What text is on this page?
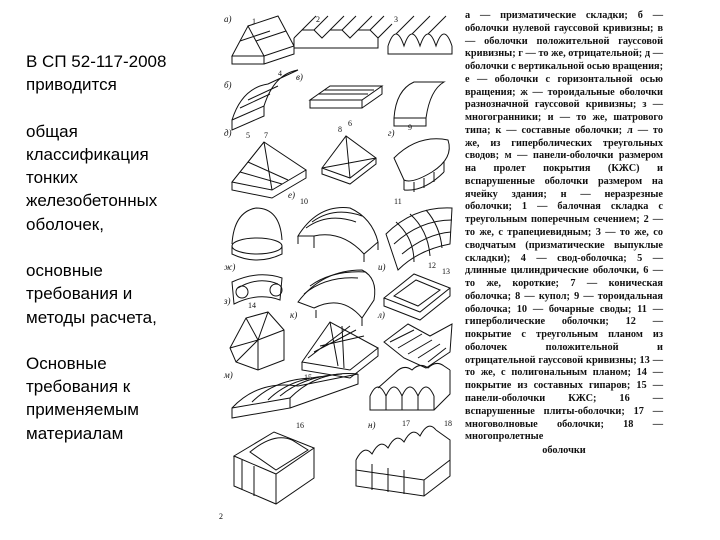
В СП 52-117-2008
приводится

общая
классификация
тонких
железобетонных
оболочек,

основные
требования и
методы расчета,

Основные
требования к
применяемым
материалам

а)
б)
в)
г)
д)
е)
ж)
з)
и)
к)	л)
м)
н)
1	2	3
4
5
6
7
8	9
10	11
12
13
14
15
16	17	18
2
а — призматические складки; б — оболочки нулевой гауссовой кривизны; в — оболочки положительной гауссовой кривизны; г — то же, отрицательной; д — оболочки с вертикальной осью вращения; е — оболочки с горизонтальной осью вращения; ж — тороидальные оболочки разнозначной гауссовой кривизны; з — многогранники; и — то же, шатрового типа; к — составные оболочки; л — то же, из гиперболических треугольных сводов; м — панели-оболочки размером на пролет покрытия (КЖС) и вспарушенные оболочки размером на ячейку здания; н — неразрезные оболочки; 1 — балочная складка с треугольным поперечным сечением; 2 — то же, с трапециевидным; 3 — то же, со сводчатым (призматические выпуклые складки); 4 — свод-оболочка; 5 — длинные цилиндрические оболочки, 6 — то же, короткие; 7 — коническая оболочка; 8 — купол; 9 — тороидальная оболочка; 10 — бочарные своды; 11 — гиперболические оболочки; 12 — покрытие с треугольным планом из оболочек положительной и отрицательной гауссовой кривизны; 13 — то же, с полигональным планом; 14 — покрытие из составных гипаров; 15 — панели-оболочки КЖС; 16 — вспарушенные плиты-оболочки; 17 — многоволновые оболочки; 18 — многопролетные
оболочки
